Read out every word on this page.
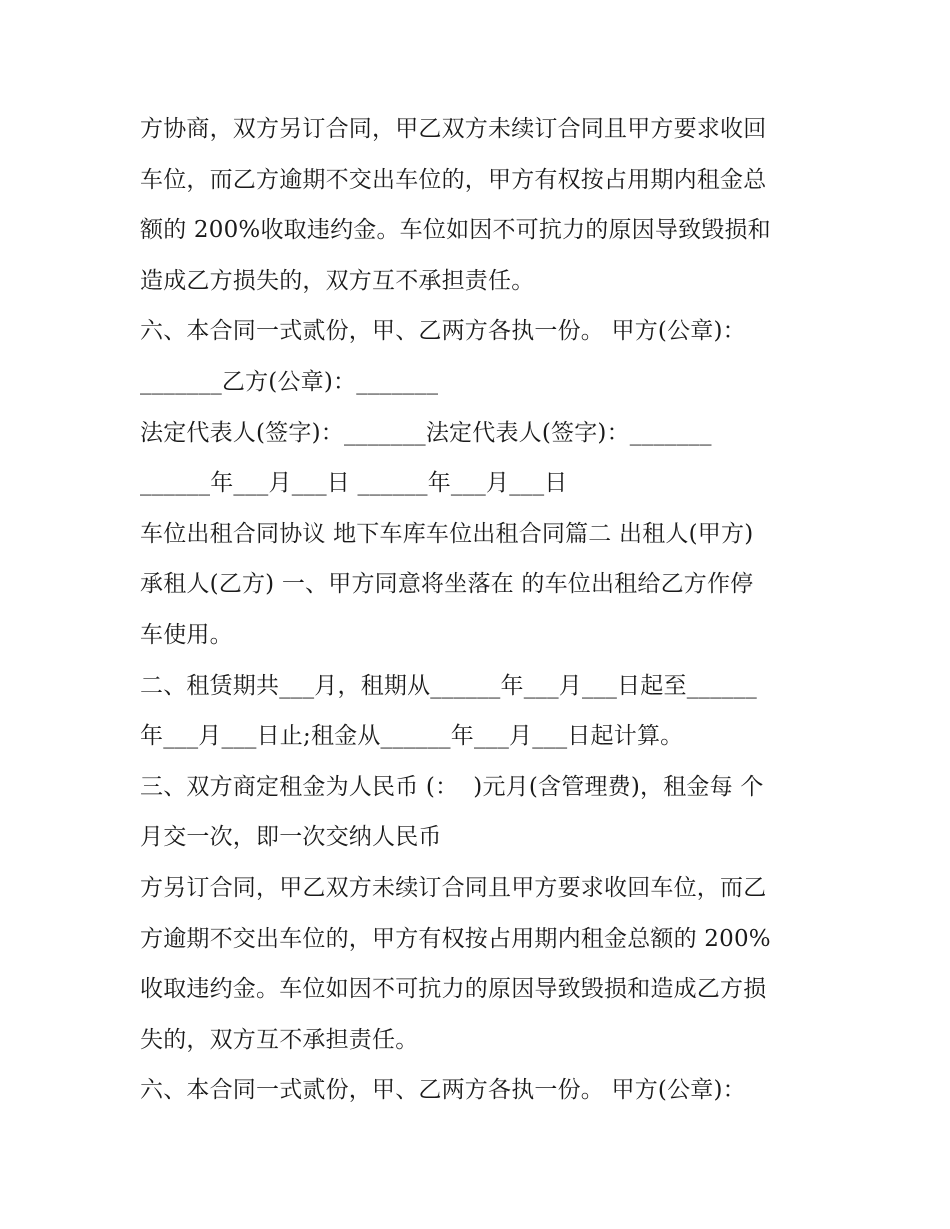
方协商，双方另订合同，甲乙双方未续订合同且甲方要求收回
车位，而乙方逾期不交出车位的，甲方有权按占用期内租金总
额的 200%收取违约金。车位如因不可抗力的原因导致毁损和
造成乙方损失的，双方互不承担责任。
六、本合同一式贰份，甲、乙两方各执一份。 甲方(公章)：
_______乙方(公章)：_______
法定代表人(签字)：_______法定代表人(签字)：_______
______年___月___日 ______年___月___日
车位出租合同协议 地下车库车位出租合同篇二 出租人(甲方)
承租人(乙方) 一、甲方同意将坐落在 的车位出租给乙方作停
车使用。
二、租赁期共___月，租期从______年___月___日起至______
年___月___日止;租金从______年___月___日起计算。
三、双方商定租金为人民币 (：  )元月(含管理费)，租金每 个
月交一次，即一次交纳人民币
方另订合同，甲乙双方未续订合同且甲方要求收回车位，而乙
方逾期不交出车位的，甲方有权按占用期内租金总额的 200%
收取违约金。车位如因不可抗力的原因导致毁损和造成乙方损
失的，双方互不承担责任。
六、本合同一式贰份，甲、乙两方各执一份。 甲方(公章)：
